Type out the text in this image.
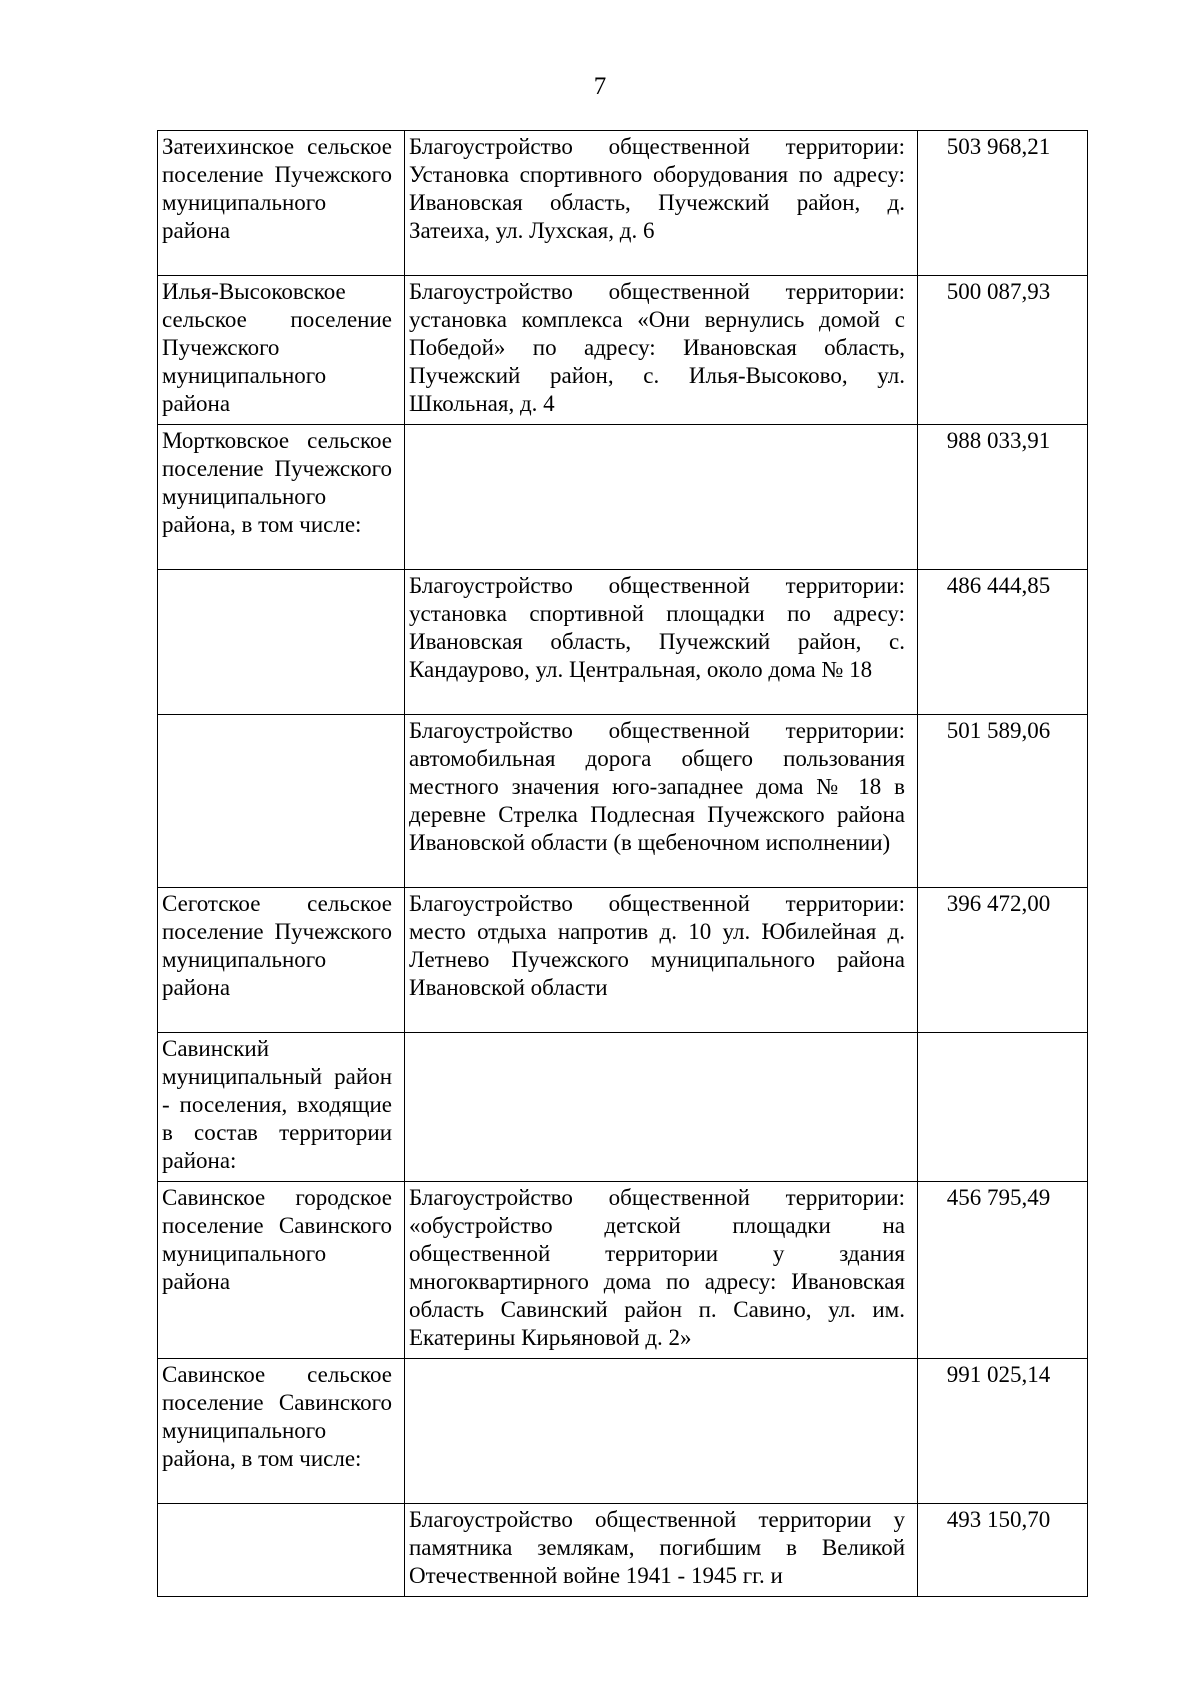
7
Затеихинское сельское поселение Пучежского муниципального района	Благоустройство общественной территории: Установка спортивного оборудования по адресу: Ивановская область, Пучежский район, д. Затеиха, ул. Лухская, д. 6	503 968,21
Илья-Высоковское сельское поселение Пучежского муниципального района	Благоустройство общественной территории: установка комплекса «Они вернулись домой с Победой» по адресу: Ивановская область, Пучежский район, с. Илья-Высоково, ул. Школьная, д. 4	500 087,93
Мортковское сельское поселение Пучежского муниципального района, в том числе:		988 033,91
	Благоустройство общественной территории: установка спортивной площадки по адресу: Ивановская область, Пучежский район, с. Кандаурово, ул. Центральная, около дома № 18	486 444,85
	Благоустройство общественной территории: автомобильная дорога общего пользования местного значения юго-западнее дома № 18 в деревне Стрелка Подлесная Пучежского района Ивановской области (в щебеночном исполнении)	501 589,06
Сеготское сельское поселение Пучежского муниципального района	Благоустройство общественной территории: место отдыха напротив д. 10 ул. Юбилейная д. Летнево Пучежского муниципального района Ивановской области	396 472,00
Савинский муниципальный район - поселения, входящие в состав территории района:		
Савинское городское поселение Савинского муниципального района	Благоустройство общественной территории: «обустройство детской площадки на общественной территории у здания многоквартирного дома по адресу: Ивановская область Савинский район п. Савино, ул. им. Екатерины Кирьяновой д. 2»	456 795,49
Савинское сельское поселение Савинского муниципального района, в том числе:		991 025,14
	Благоустройство общественной территории у памятника землякам, погибшим в Великой Отечественной войне 1941 - 1945 гг. и	493 150,70
